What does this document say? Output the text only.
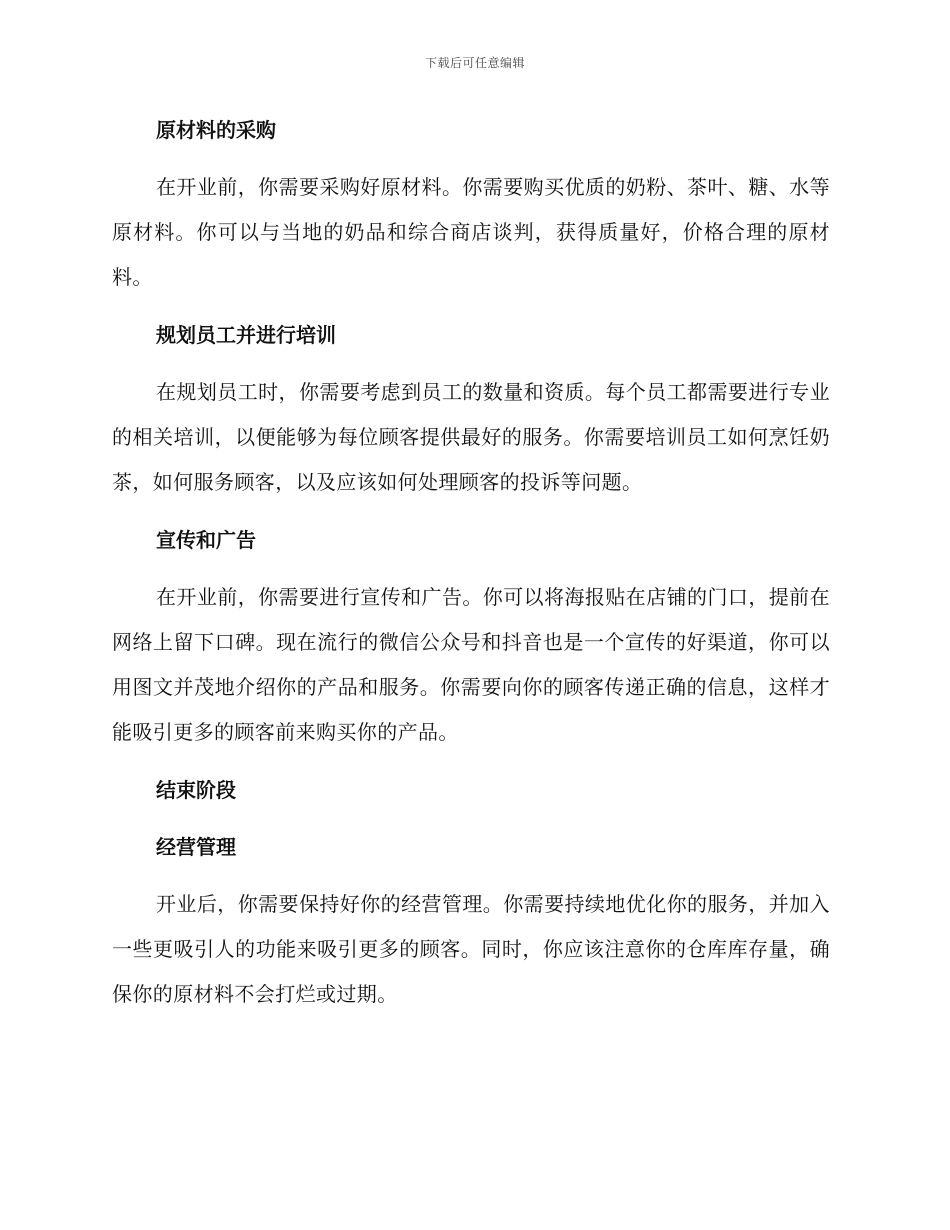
下载后可任意编辑
原材料的采购

在开业前，你需要采购好原材料。你需要购买优质的奶粉、茶叶、糖、水等原材料。你可以与当地的奶品和综合商店谈判，获得质量好，价格合理的原材料。

规划员工并进行培训

在规划员工时，你需要考虑到员工的数量和资质。每个员工都需要进行专业的相关培训，以便能够为每位顾客提供最好的服务。你需要培训员工如何烹饪奶茶，如何服务顾客，以及应该如何处理顾客的投诉等问题。

宣传和广告

在开业前，你需要进行宣传和广告。你可以将海报贴在店铺的门口，提前在网络上留下口碑。现在流行的微信公众号和抖音也是一个宣传的好渠道，你可以用图文并茂地介绍你的产品和服务。你需要向你的顾客传递正确的信息，这样才能吸引更多的顾客前来购买你的产品。

结束阶段
经营管理

开业后，你需要保持好你的经营管理。你需要持续地优化你的服务，并加入一些更吸引人的功能来吸引更多的顾客。同时，你应该注意你的仓库库存量，确保你的原材料不会打烂或过期。
